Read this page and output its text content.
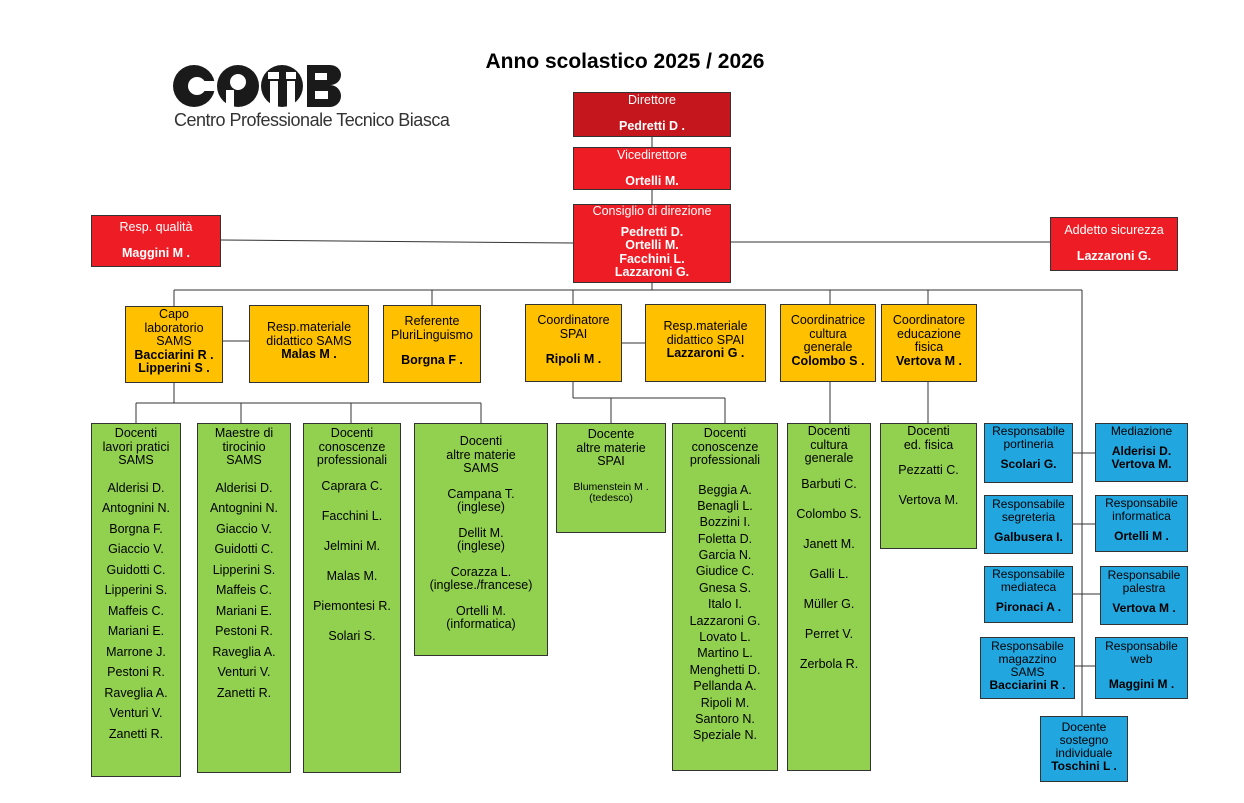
Anno scolastico 2025 / 2026
Centro Professionale Tecnico Biasca
Direttore
Pedretti D .
Vicedirettore
Ortelli M.
Consiglio di direzione
Pedretti D.
Ortelli M.
Facchini L.
Lazzaroni G.
Resp. qualità
Maggini M .
Addetto sicurezza
Lazzaroni G.
Capo
laboratorio
SAMS
Bacciarini R .
Lipperini S .
Resp.materiale
didattico SAMS
Malas M .
Referente
PluriLinguismo
Borgna F .
Coordinatore
SPAI
Ripoli M .
Resp.materiale
didattico SPAI
Lazzaroni G .
Coordinatrice
cultura
generale
Colombo S .
Coordinatore
educazione
fisica
Vertova M .
Docenti
lavori pratici
SAMS
Alderisi D.
Antognini N.
Borgna F.
Giaccio V.
Guidotti C.
Lipperini S.
Maffeis C.
Mariani E.
Marrone J.
Pestoni R.
Raveglia A.
Venturi V.
Zanetti R.
Maestre di
tirocinio
SAMS
Alderisi D.
Antognini N.
Giaccio V.
Guidotti C.
Lipperini S.
Maffeis C.
Mariani E.
Pestoni R.
Raveglia A.
Venturi V.
Zanetti R.
Docenti
conoscenze
professionali
Caprara C.
Facchini L.
Jelmini M.
Malas M.
Piemontesi R.
Solari S.
Docenti
altre materie
SAMS
Campana T.
(inglese)
Dellit M.
(inglese)
Corazza L.
(inglese./francese)
Ortelli M.
(informatica)
Docente
altre materie
SPAI
Blumenstein M .
(tedesco)
Docenti
conoscenze
professionali
Beggia A.
Benagli L.
Bozzini I.
Foletta D.
Garcia N.
Giudice C.
Gnesa S.
Italo I.
Lazzaroni G.
Lovato L.
Martino L.
Menghetti D.
Pellanda A.
Ripoli M.
Santoro N.
Speziale N.
Docenti
cultura
generale
Barbuti C.
Colombo S.
Janett M.
Galli L.
Müller G.
Perret V.
Zerbola R.
Docenti
ed. fisica
Pezzatti C.
Vertova M.
Responsabile
portineria
Scolari G.
Mediazione
Alderisi D.
Vertova M.
Responsabile
segreteria
Galbusera I.
Responsabile
informatica
Ortelli M .
Responsabile
mediateca
Pironaci A .
Responsabile
palestra
Vertova M .
Responsabile
magazzino
SAMS
Bacciarini R .
Responsabile
web
Maggini M .
Docente
sostegno
individuale
Toschini L .
